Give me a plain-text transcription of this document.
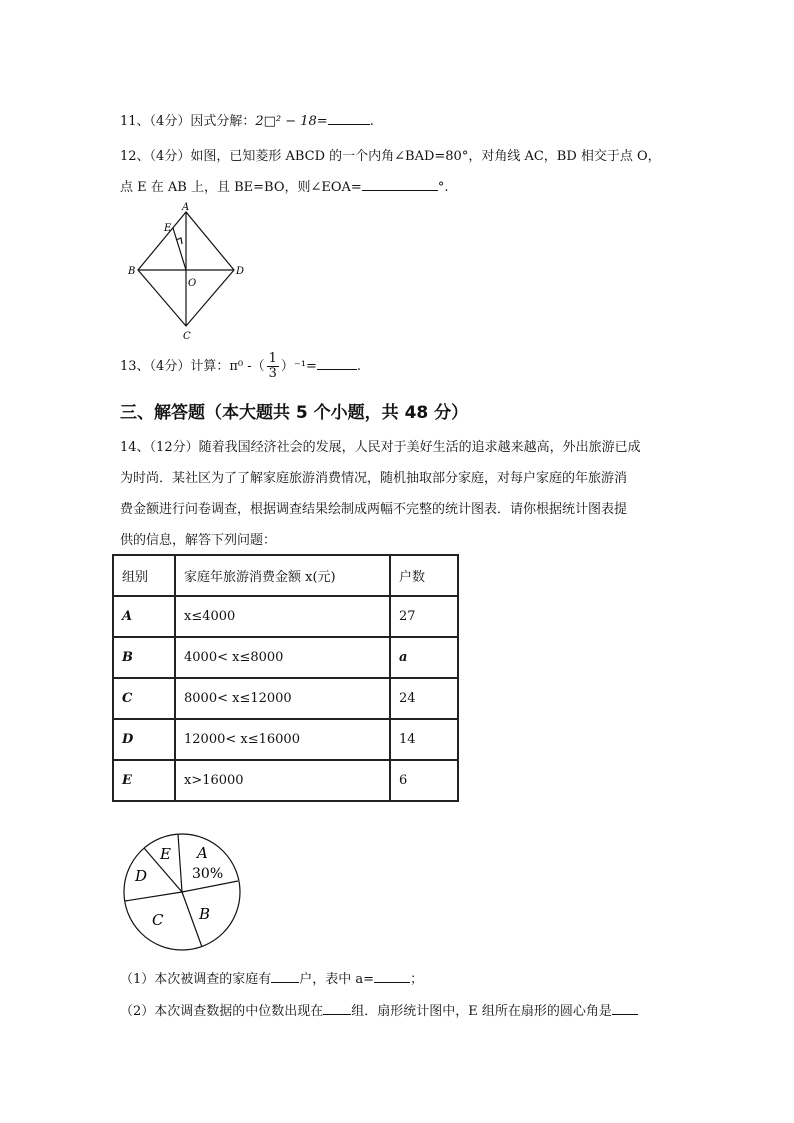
11、（4分）因式分解：2□² − 18=	.
12、（4分）如图，已知菱形 ABCD 的一个内角∠BAD=80°，对角线 AC，BD 相交于点 O，
点 E 在 AB 上，且 BE=BO，则∠EOA=	°.
A
E
B	D
O
C
13、（4分）计算：π⁰ -（ $\frac{1}{3} )^{-1}=$	.
三、解答题（本大题共 5 个小题，共 48 分）
14、（12分）随着我国经济社会的发展，人民对于美好生活的追求越来越高，外出旅游已成
为时尚．某社区为了了解家庭旅游消费情况，随机抽取部分家庭，对每户家庭的年旅游消
费金额进行问卷调查，根据调查结果绘制成两幅不完整的统计图表．请你根据统计图表提
供的信息，解答下列问题：
组别	家庭年旅游消费金额 x(元)	户数
A	x≤4000	27
B	4000< x≤8000	a
C	8000< x≤12000	24
D	12000< x≤16000	14
E	x>16000	6
A
30%
B
C
D
E
（1）本次被调查的家庭有 户，表中 a=	；
（2）本次调查数据的中位数出现在 组．扇形统计图中，E 组所在扇形的圆心角是
